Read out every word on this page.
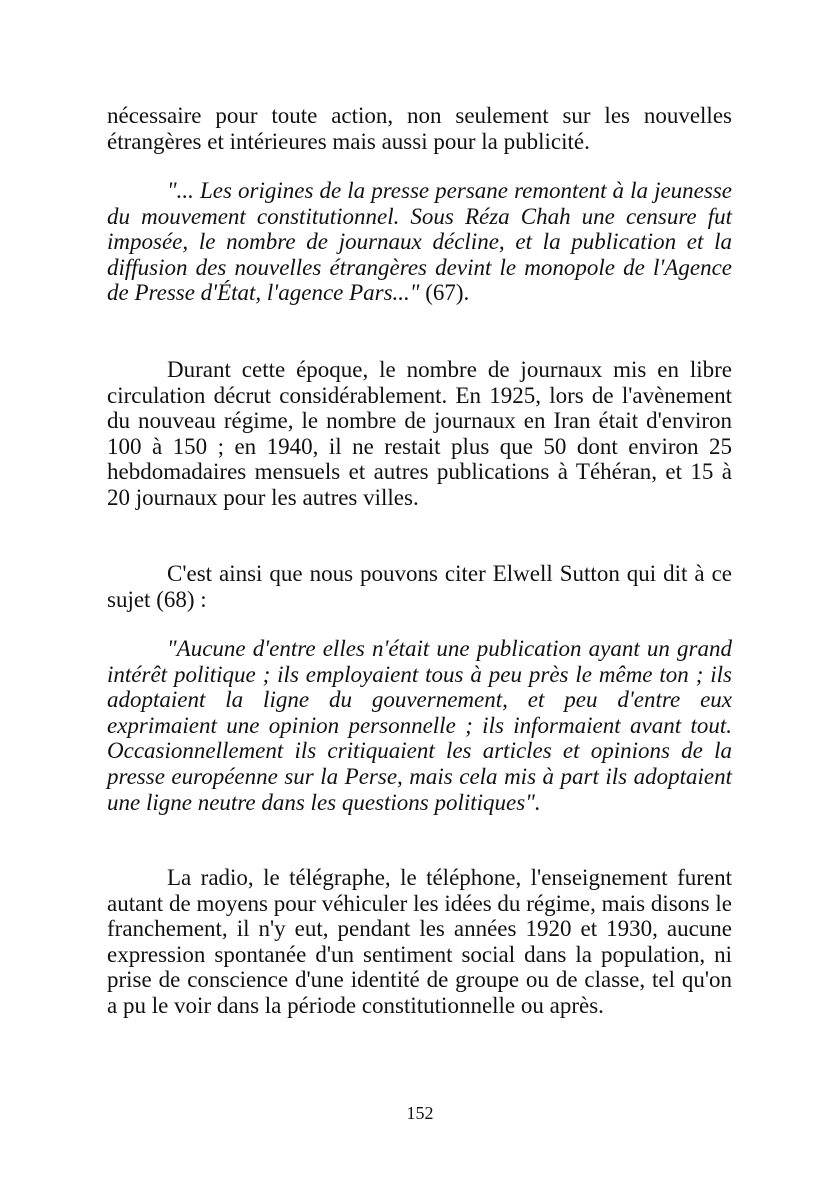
nécessaire pour toute action, non seulement sur les nouvelles étrangères et intérieures mais aussi pour la publicité.

"... Les origines de la presse persane remontent à la jeunesse du mouvement constitutionnel. Sous Réza Chah une censure fut imposée, le nombre de journaux décline, et la publication et la diffusion des nouvelles étrangères devint le monopole de l'Agence de Presse d'État, l'agence Pars..." (67).

Durant cette époque, le nombre de journaux mis en libre circulation décrut considérablement. En 1925, lors de l'avènement du nouveau régime, le nombre de journaux en Iran était d'environ 100 à 150 ; en 1940, il ne restait plus que 50 dont environ 25 hebdomadaires mensuels et autres publications à Téhéran, et 15 à 20 journaux pour les autres villes.

C'est ainsi que nous pouvons citer Elwell Sutton qui dit à ce sujet (68) :

"Aucune d'entre elles n'était une publication ayant un grand intérêt politique ; ils employaient tous à peu près le même ton ; ils adoptaient la ligne du gouvernement, et peu d'entre eux exprimaient une opinion personnelle ; ils informaient avant tout. Occasionnellement ils critiquaient les articles et opinions de la presse européenne sur la Perse, mais cela mis à part ils adoptaient une ligne neutre dans les questions politiques".

La radio, le télégraphe, le téléphone, l'enseignement furent autant de moyens pour véhiculer les idées du régime, mais disons le franchement, il n'y eut, pendant les années 1920 et 1930, aucune expression spontanée d'un sentiment social dans la population, ni prise de conscience d'une identité de groupe ou de classe, tel qu'on a pu le voir dans la période constitutionnelle ou après.

152
